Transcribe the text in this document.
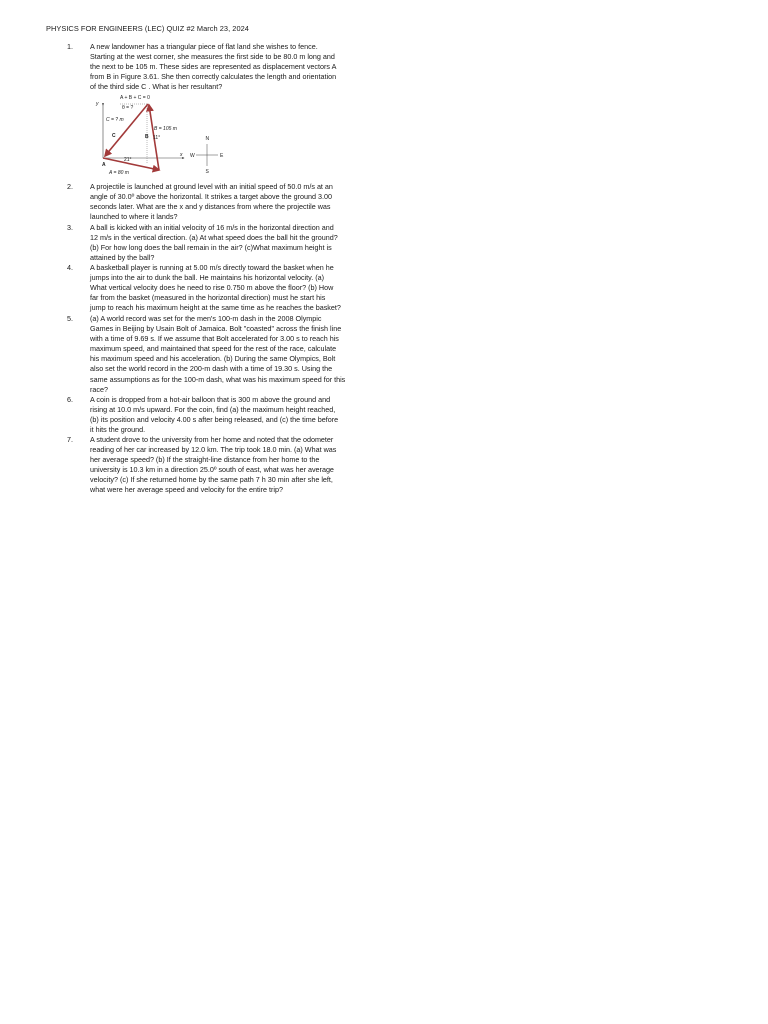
PHYSICS FOR ENGINEERS (LEC) QUIZ #2 March 23, 2024
1. A new landowner has a triangular piece of flat land she wishes to fence.
Starting at the west corner, she measures the first side to be 80.0 m long and
the next to be 105 m. These sides are represented as displacement vectors A
from B in Figure 3.61. She then correctly calculates the length and orientation
of the third side C . What is her resultant?
2. A projectile is launched at ground level with an initial speed of 50.0 m/s at an
angle of 30.0º above the horizontal. It strikes a target above the ground 3.00
seconds later. What are the x and y distances from where the projectile was
launched to where it lands?
3. A ball is kicked with an initial velocity of 16 m/s in the horizontal direction and
12 m/s in the vertical direction. (a) At what speed does the ball hit the ground?
(b) For how long does the ball remain in the air? (c)What maximum height is
attained by the ball?
4. A basketball player is running at 5.00 m/s directly toward the basket when he
jumps into the air to dunk the ball. He maintains his horizontal velocity. (a)
What vertical velocity does he need to rise 0.750 m above the floor? (b) How
far from the basket (measured in the horizontal direction) must he start his
jump to reach his maximum height at the same time as he reaches the basket?
5. (a) A world record was set for the men's 100-m dash in the 2008 Olympic
Games in Beijing by Usain Bolt of Jamaica. Bolt "coasted" across the finish line
with a time of 9.69 s. If we assume that Bolt accelerated for 3.00 s to reach his
maximum speed, and maintained that speed for the rest of the race, calculate
his maximum speed and his acceleration. (b) During the same Olympics, Bolt
also set the world record in the 200-m dash with a time of 19.30 s. Using the
same assumptions as for the 100-m dash, what was his maximum speed for this
race?
6. A coin is dropped from a hot-air balloon that is 300 m above the ground and
rising at 10.0 m/s upward. For the coin, find (a) the maximum height reached,
(b) its position and velocity 4.00 s after being released, and (c) the time before
it hits the ground.
7. A student drove to the university from her home and noted that the odometer
reading of her car increased by 12.0 km. The trip took 18.0 min. (a) What was
her average speed? (b) If the straight-line distance from her home to the
university is 10.3 km in a direction 25.0º south of east, what was her average
velocity? (c) If she returned home by the same path 7 h 30 min after she left,
what were her average speed and velocity for the entire trip?
A + B + C = 0
y
x
θ = ?
C = ? m
C	B
B = 105 m
11°
21°
A
A = 80 m
N
S
E
W
